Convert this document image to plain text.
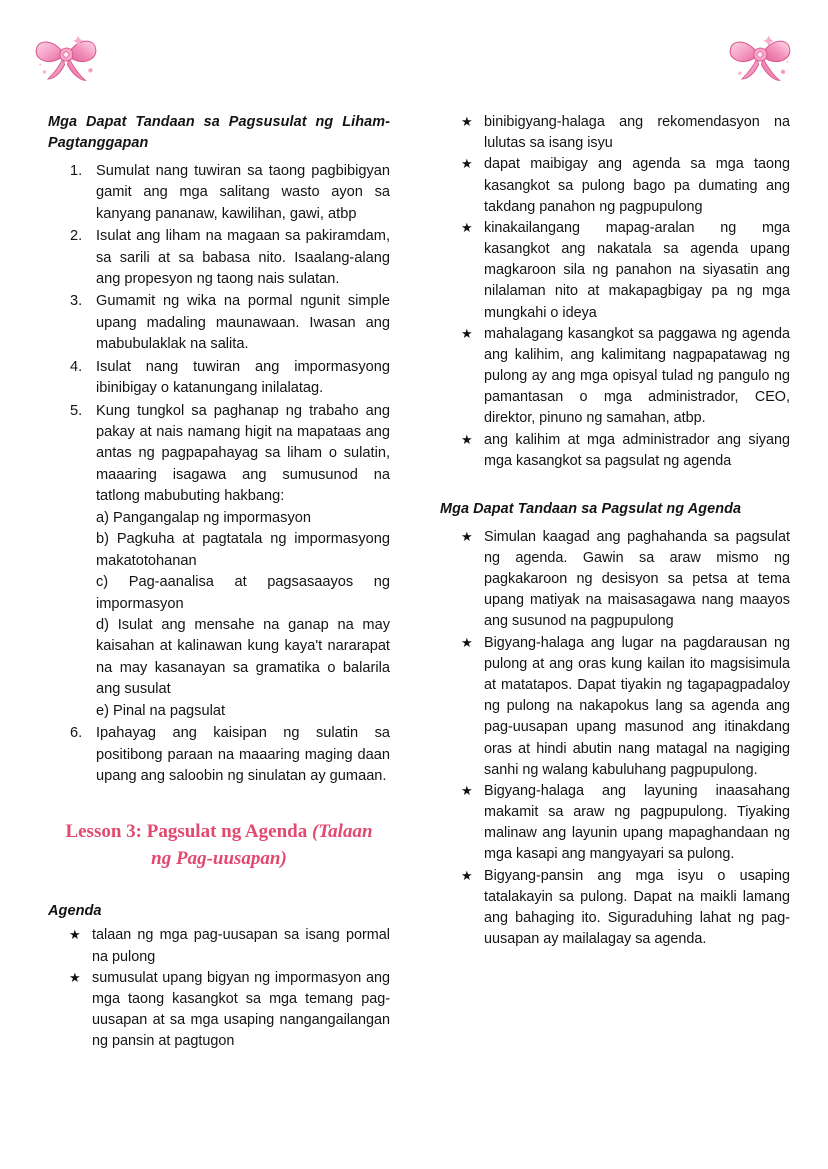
Mga Dapat Tandaan sa Pagsusulat ng Liham-Pagtanggapan
Sumulat nang tuwiran sa taong pagbibigyan gamit ang mga salitang wasto ayon sa kanyang pananaw, kawilihan, gawi, atbp
Isulat ang liham na magaan sa pakiramdam, sa sarili at sa babasa nito. Isaalang-alang ang propesyon ng taong nais sulatan.
Gumamit ng wika na pormal ngunit simple upang madaling maunawaan. Iwasan ang mabubulaklak na salita.
Isulat nang tuwiran ang impormasyong ibinibigay o katanungang inilalatag.
Kung tungkol sa paghanap ng trabaho ang pakay at nais namang higit na mapataas ang antas ng pagpapahayag sa liham o sulatin, maaaring isagawa ang sumusunod na tatlong mabubuting hakbang:
a) Pangangalap ng impormasyon
b) Pagkuha at pagtatala ng impormasyong makatotohanan
c) Pag-aanalisa at pagsasaayos ng impormasyon
d) Isulat ang mensahe na ganap na may kaisahan at kalinawan kung kaya't nararapat na may kasanayan sa gramatika o balarila ang susulat
e) Pinal na pagsulat
Ipahayag ang kaisipan ng sulatin sa positibong paraan na maaaring maging daan upang ang saloobin ng sinulatan ay gumaan.
Lesson 3: Pagsulat ng Agenda (Talaan ng Pag-uusapan)
Agenda
★ talaan ng mga pag-uusapan sa isang pormal na pulong
★ sumusulat upang bigyan ng impormasyon ang mga taong kasangkot sa mga temang pag-uusapan at sa mga usaping nangangailangan ng pansin at pagtugon
★ binibigyang-halaga ang rekomendasyon na lulutas sa isang isyu
★ dapat maibigay ang agenda sa mga taong kasangkot sa pulong bago pa dumating ang takdang panahon ng pagpupulong
★ kinakailangang mapag-aralan ng mga kasangkot ang nakatala sa agenda upang magkaroon sila ng panahon na siyasatin ang nilalaman nito at makapagbigay pa ng mga mungkahi o ideya
★ mahalagang kasangkot sa paggawa ng agenda ang kalihim, ang kalimitang nagpapatawag ng pulong ay ang mga opisyal tulad ng pangulo ng pamantasan o mga administrador, CEO, direktor, pinuno ng samahan, atbp.
★ ang kalihim at mga administrador ang siyang mga kasangkot sa pagsulat ng agenda
Mga Dapat Tandaan sa Pagsulat ng Agenda
★ Simulan kaagad ang paghahanda sa pagsulat ng agenda. Gawin sa araw mismo ng pagkakaroon ng desisyon sa petsa at tema upang matiyak na maisasagawa nang maayos ang susunod na pagpupulong
★ Bigyang-halaga ang lugar na pagdarausan ng pulong at ang oras kung kailan ito magsisimula at matatapos. Dapat tiyakin ng tagapagpadaloy ng pulong na nakapokus lang sa agenda ang pag-uusapan upang masunod ang itinakdang oras at hindi abutin nang matagal na nagiging sanhi ng walang kabuluhang pagpupulong.
★ Bigyang-halaga ang layuning inaasahang makamit sa araw ng pagpupulong. Tiyaking malinaw ang layunin upang mapaghandaan ng mga kasapi ang mangyayari sa pulong.
★ Bigyang-pansin ang mga isyu o usaping tatalakayin sa pulong. Dapat na maikli lamang ang bahaging ito. Siguraduhing lahat ng pag-uusapan ay mailalagay sa agenda.
